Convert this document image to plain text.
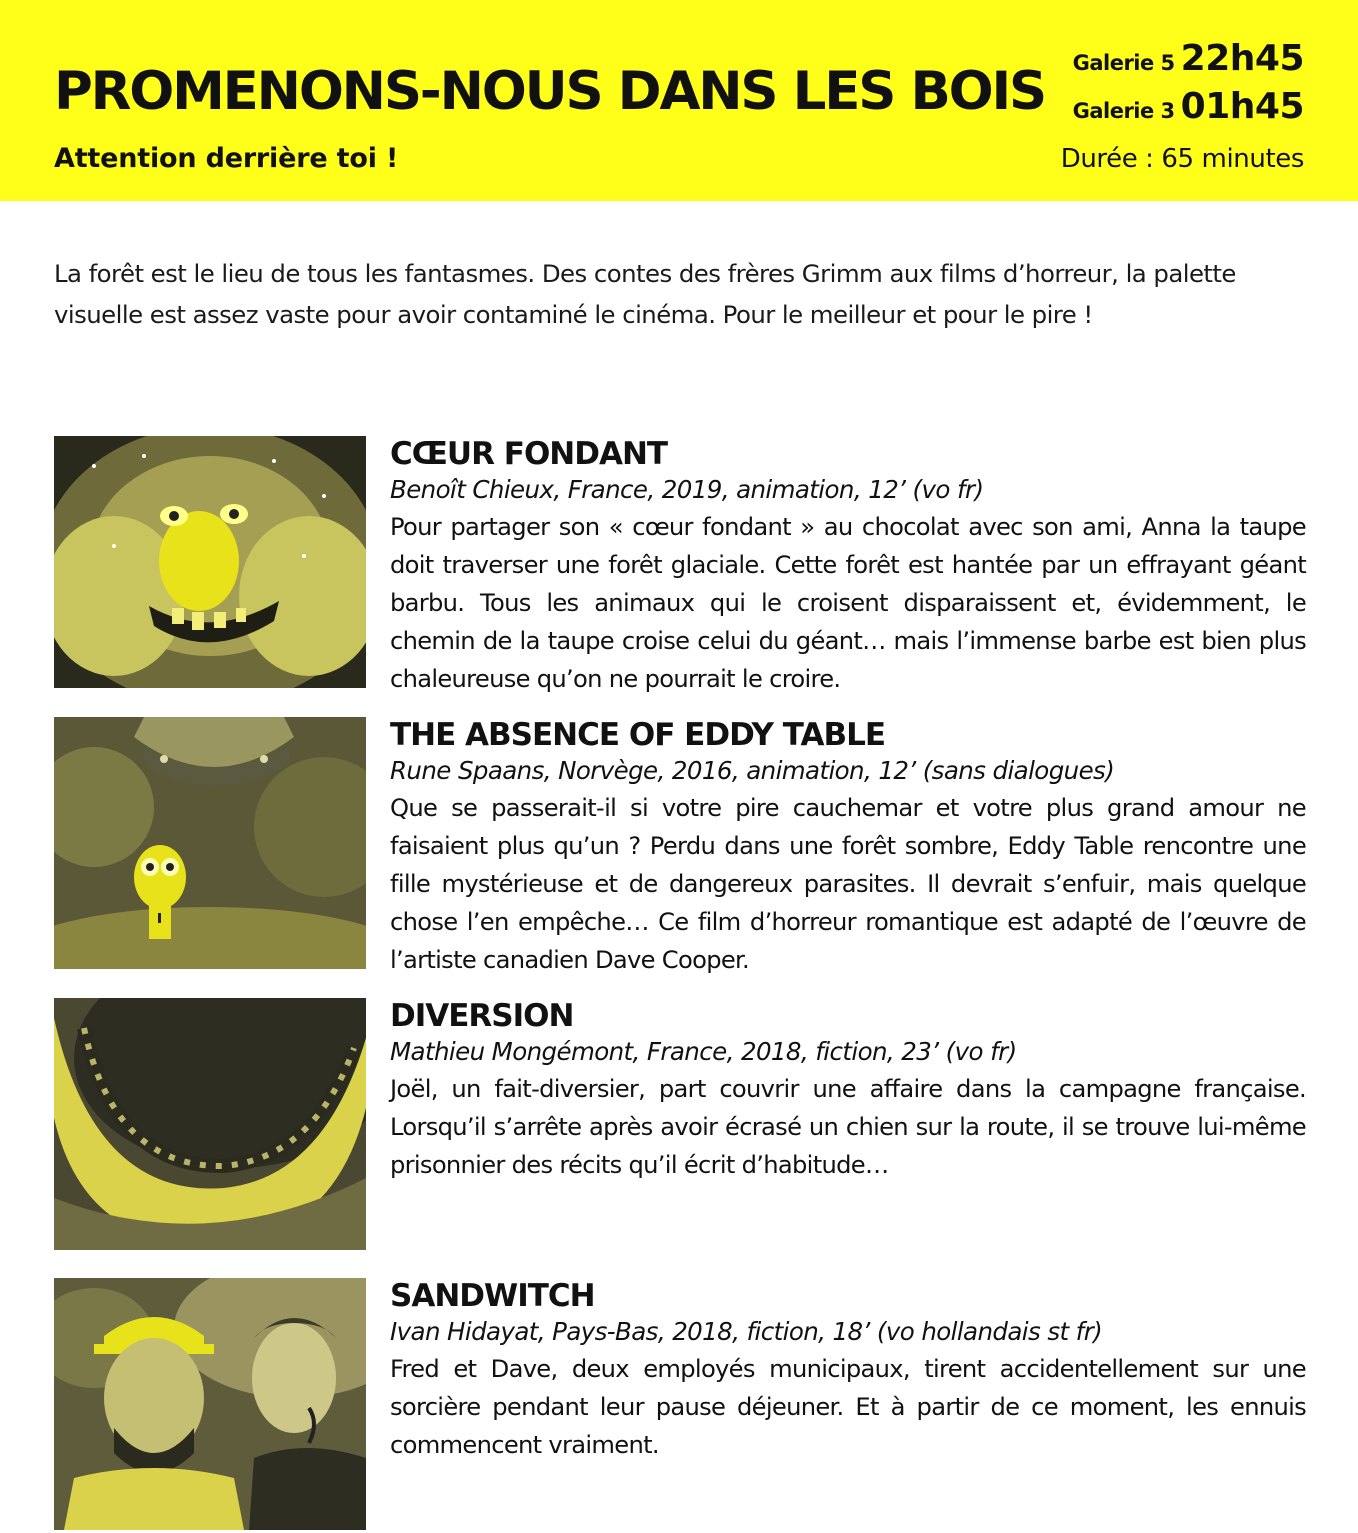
PROMENONS-NOUS DANS LES BOIS
Attention derrière toi !
Galerie 5 22h45
Galerie 3 01h45
Durée : 65 minutes

La forêt est le lieu de tous les fantasmes. Des contes des frères Grimm aux films d’horreur, la palette visuelle est assez vaste pour avoir contaminé le cinéma. Pour le meilleur et pour le pire !

CŒUR FONDANT
Benoît Chieux, France, 2019, animation, 12’ (vo fr)

Pour partager son « cœur fondant » au chocolat avec son ami, Anna la taupe doit traverser une forêt glaciale. Cette forêt est hantée par un effrayant géant barbu. Tous les animaux qui le croisent disparaissent et, évidemment, le chemin de la taupe croise celui du géant… mais l’immense barbe est bien plus chaleureuse qu’on ne pourrait le croire.

THE ABSENCE OF EDDY TABLE
Rune Spaans, Norvège, 2016, animation, 12’ (sans dialogues)

Que se passerait-il si votre pire cauchemar et votre plus grand amour ne faisaient plus qu’un ? Perdu dans une forêt sombre, Eddy Table rencontre une fille mystérieuse et de dangereux parasites. Il devrait s’enfuir, mais quelque chose l’en empêche… Ce film d’horreur romantique est adapté de l’œuvre de l’artiste canadien Dave Cooper.

DIVERSION
Mathieu Mongémont, France, 2018, fiction, 23’ (vo fr)

Joël, un fait-diversier, part couvrir une affaire dans la campagne française. Lorsqu’il s’arrête après avoir écrasé un chien sur la route, il se trouve lui-même prisonnier des récits qu’il écrit d’habitude…

SANDWITCH
Ivan Hidayat, Pays-Bas, 2018, fiction, 18’ (vo hollandais st fr)

Fred et Dave, deux employés municipaux, tirent accidentellement sur une sorcière pendant leur pause déjeuner. Et à partir de ce moment, les ennuis commencent vraiment.
